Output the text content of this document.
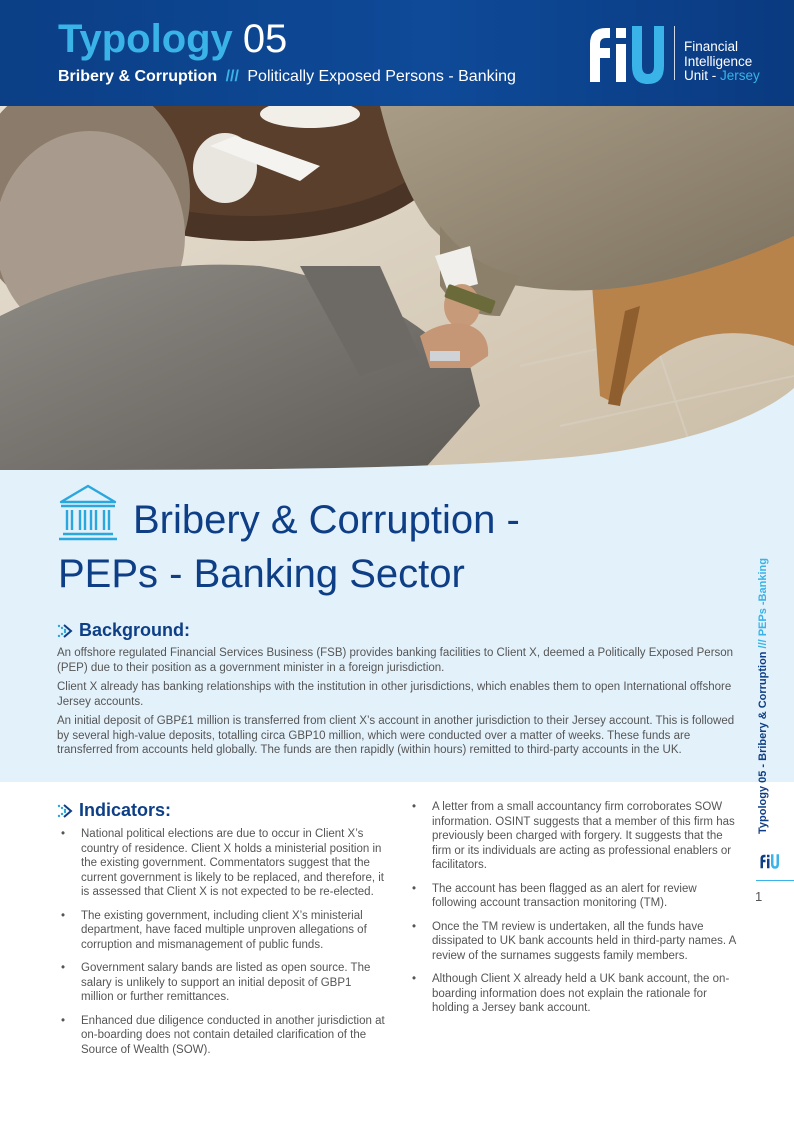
Typology 05
Bribery & Corruption /// Politically Exposed Persons - Banking
Financial
Intelligence
Unit - Jersey
Bribery & Corruption -
PEPs - Banking Sector
Background:

An offshore regulated Financial Services Business (FSB) provides banking facilities to Client X, deemed a Politically Exposed Person (PEP) due to their position as a government minister in a foreign jurisdiction.

Client X already has banking relationships with the institution in other jurisdictions, which enables them to open International offshore Jersey accounts.

An initial deposit of GBP£1 million is transferred from client X’s account in another jurisdiction to their Jersey account. This is followed by several high-value deposits, totalling circa GBP10 million, which were conducted over a matter of weeks. These funds are transferred from accounts held globally. The funds are then rapidly (within hours) remitted to third-party accounts in the UK.

Indicators:
• National political elections are due to occur in Client X’s country of residence. Client X holds a ministerial position in the existing government. Commentators suggest that the current government is likely to be replaced, and therefore, it is assessed that Client X is not expected to be re-elected.
• The existing government, including client X’s ministerial department, have faced multiple unproven allegations of corruption and mismanagement of public funds.
• Government salary bands are listed as open source. The salary is unlikely to support an initial deposit of GBP1 million or further remittances.
• Enhanced due diligence conducted in another jurisdiction at on-boarding does not contain detailed clarification of the Source of Wealth (SOW).
• A letter from a small accountancy firm corroborates SOW information. OSINT suggests that a member of this firm has previously been charged with forgery. It suggests that the firm or its individuals are acting as professional enablers or facilitators.
• The account has been flagged as an alert for review following account transaction monitoring (TM).
• Once the TM review is undertaken, all the funds have dissipated to UK bank accounts held in third-party names. A review of the surnames suggests family members.
• Although Client X already held a UK bank account, the on-boarding information does not explain the rationale for holding a Jersey bank account.
Typology 05 - Bribery & Corruption///PEPs -Banking
1
